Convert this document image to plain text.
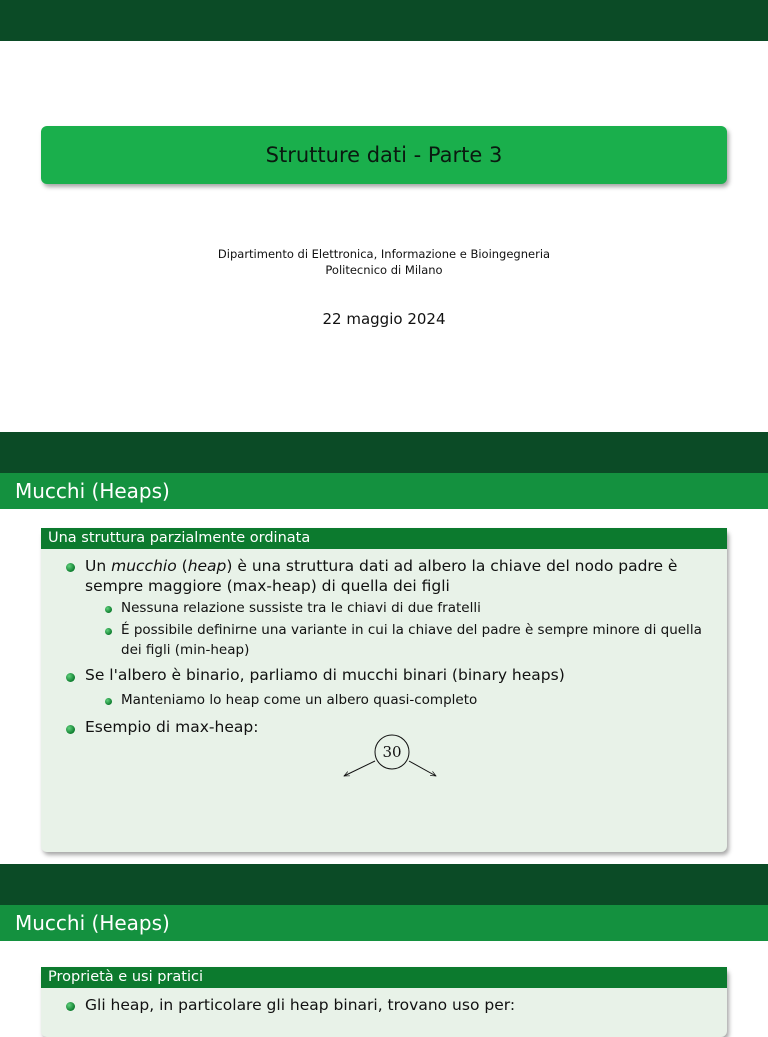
Strutture dati - Parte 3
Dipartimento di Elettronica, Informazione e Bioingegneria
Politecnico di Milano
22 maggio 2024
Mucchi (Heaps)
Una struttura parzialmente ordinata
Un mucchio (heap) è una struttura dati ad albero la chiave del nodo padre è
sempre maggiore (max-heap) di quella dei figli
Nessuna relazione sussiste tra le chiavi di due fratelli
É possibile definirne una variante in cui la chiave del padre è sempre minore di quella
dei figli (min-heap)
Se l'albero è binario, parliamo di mucchi binari (binary heaps)
Manteniamo lo heap come un albero quasi-completo
Esempio di max-heap:
30
Mucchi (Heaps)
Proprietà e usi pratici
Gli heap, in particolare gli heap binari, trovano uso per:
